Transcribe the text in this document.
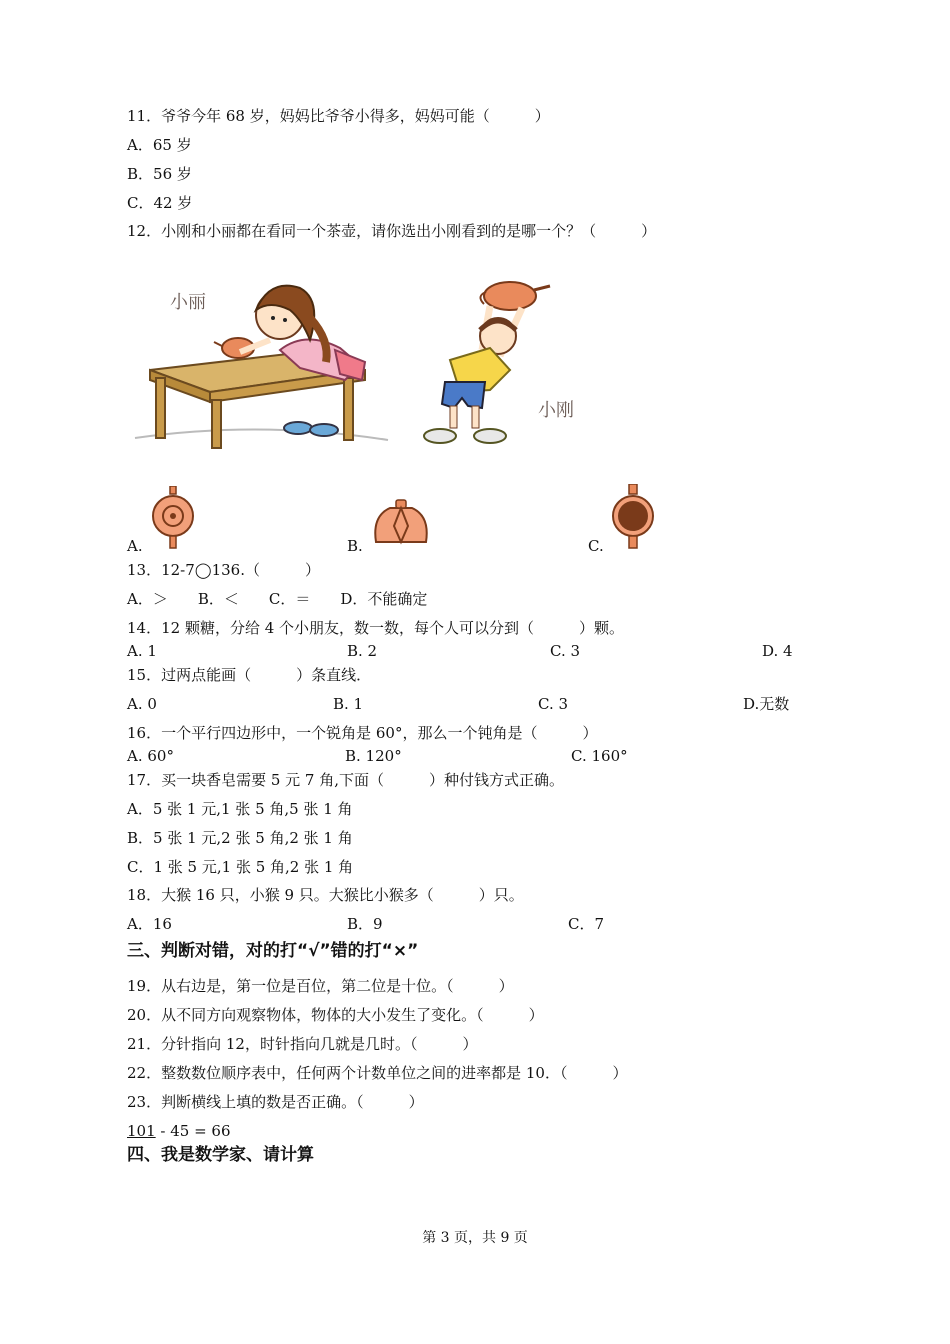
11．爷爷今年 68 岁，妈妈比爷爷小得多，妈妈可能（　　　）
A．65 岁
B．56 岁
C．42 岁
12．小刚和小丽都在看同一个茶壶，请你选出小刚看到的是哪一个？（　　　）
小丽
小刚
A.	B.	C.
13．12-7◯136.（　　　）
A．＞　　B．＜　　C．＝　　D．不能确定
14．12 颗糖，分给 4 个小朋友，数一数，每个人可以分到（　　　）颗。
A. 1	B. 2	C. 3	D. 4
15．过两点能画（　　　）条直线．
A. 0	B. 1	C. 3	D.无数
16．一个平行四边形中，一个锐角是 60°，那么一个钝角是（　　　）
A. 60°	B. 120°	C. 160°
17．买一块香皂需要 5 元 7 角,下面（　　　）种付钱方式正确。
A．5 张 1 元,1 张 5 角,5 张 1 角
B．5 张 1 元,2 张 5 角,2 张 1 角
C．1 张 5 元,1 张 5 角,2 张 1 角
18．大猴 16 只，小猴 9 只。大猴比小猴多（　　　）只。
A．16	B．9	C．7
三、判断对错，对的打“√”错的打“×”
19．从右边是，第一位是百位，第二位是十位。（　　　）
20．从不同方向观察物体，物体的大小发生了变化。（　　　）
21．分针指向 12，时针指向几就是几时。（　　　）
22．整数数位顺序表中，任何两个计数单位之间的进率都是 10．（　　　）
23．判断横线上填的数是否正确。（　　　）
101 - 45 = 66
四、我是数学家、请计算
第 3 页，共 9 页
